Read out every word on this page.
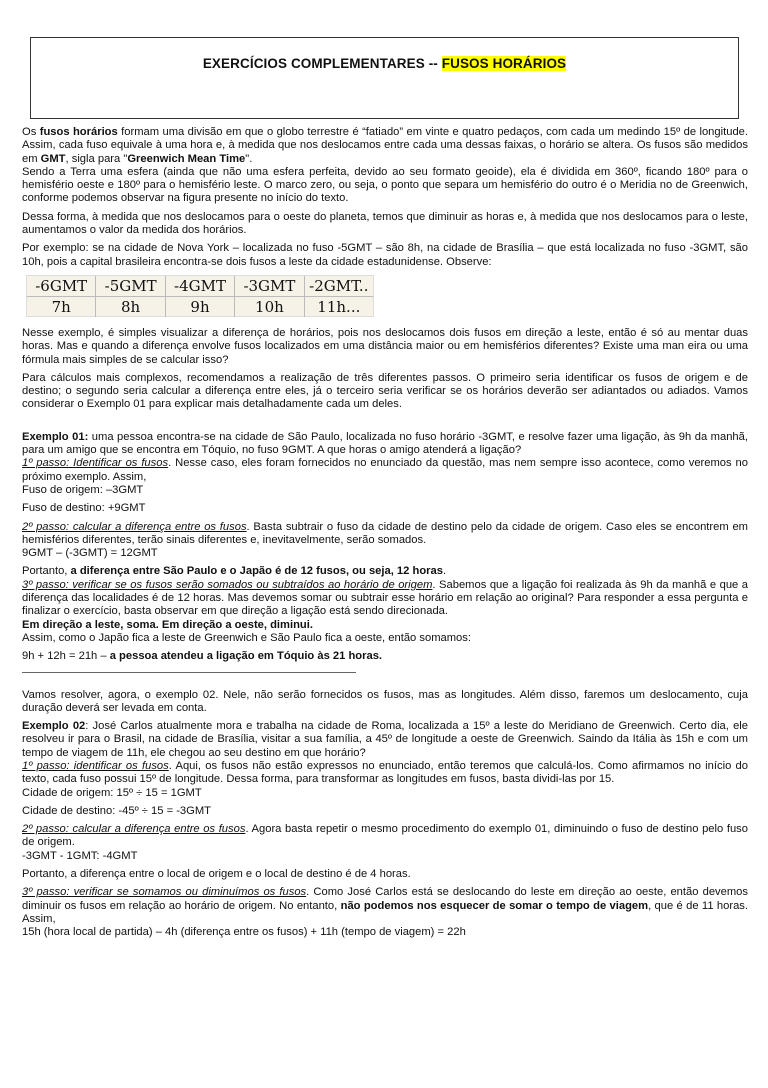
EXERCÍCIOS COMPLEMENTARES -- FUSOS HORÁRIOS

Os fusos horários formam uma divisão em que o globo terrestre é “fatiado” em vinte e quatro pedaços, com cada um medindo 15º de longitude. Assim, cada fuso equivale à uma hora e, à medida que nos deslocamos entre cada uma dessas faixas, o horário se altera. Os fusos são medidos em GMT, sigla para "Greenwich Mean Time".
Sendo a Terra uma esfera (ainda que não uma esfera perfeita, devido ao seu formato geoide), ela é dividida em 360º, ficando 180º para o hemisfério oeste e 180º para o hemisfério leste. O marco zero, ou seja, o ponto que separa um hemisfério do outro é o Meridia no de Greenwich, conforme podemos observar na figura presente no início do texto.

Dessa forma, à medida que nos deslocamos para o oeste do planeta, temos que diminuir as horas e, à medida que nos deslocamos para o leste, aumentamos o valor da medida dos horários.

Por exemplo: se na cidade de Nova York – localizada no fuso -5GMT – são 8h, na cidade de Brasília – que está localizada no fuso -3GMT, são 10h, pois a capital brasileira encontra-se dois fusos a leste da cidade estadunidense. Observe:

-6GMT	-5GMT	-4GMT	-3GMT -2GMT..
7h	8h	9h	10h	11h...

Nesse exemplo, é simples visualizar a diferença de horários, pois nos deslocamos dois fusos em direção a leste, então é só au mentar duas horas. Mas e quando a diferença envolve fusos localizados em uma distância maior ou em hemisférios diferentes? Existe uma man eira ou uma fórmula mais simples de se calcular isso?

Para cálculos mais complexos, recomendamos a realização de três diferentes passos. O primeiro seria identificar os fusos de origem e de destino; o segundo seria calcular a diferença entre eles, já o terceiro seria verificar se os horários deverão ser adiantados ou adiados. Vamos considerar o Exemplo 01 para explicar mais detalhadamente cada um deles.

Exemplo 01: uma pessoa encontra-se na cidade de São Paulo, localizada no fuso horário -3GMT, e resolve fazer uma ligação, às 9h da manhã, para um amigo que se encontra em Tóquio, no fuso 9GMT. A que horas o amigo atenderá a ligação?
1º passo: Identificar os fusos. Nesse caso, eles foram fornecidos no enunciado da questão, mas nem sempre isso acontece, como veremos no próximo exemplo. Assim,
Fuso de origem: –3GMT

Fuso de destino: +9GMT

2º passo: calcular a diferença entre os fusos. Basta subtrair o fuso da cidade de destino pelo da cidade de origem. Caso eles se encontrem em hemisférios diferentes, terão sinais diferentes e, inevitavelmente, serão somados.
9GMT – (-3GMT) = 12GMT

Portanto, a diferença entre São Paulo e o Japão é de 12 fusos, ou seja, 12 horas.
3º passo: verificar se os fusos serão somados ou subtraídos ao horário de origem. Sabemos que a ligação foi realizada às 9h da manhã e que a diferença das localidades é de 12 horas. Mas devemos somar ou subtrair esse horário em relação ao original? Para responder a essa pergunta e finalizar o exercício, basta observar em que direção a ligação está sendo direcionada.
Em direção a leste, soma. Em direção a oeste, diminui.
Assim, como o Japão fica a leste de Greenwich e São Paulo fica a oeste, então somamos:

9h + 12h = 21h – a pessoa atendeu a ligação em Tóquio às 21 horas.

Vamos resolver, agora, o exemplo 02. Nele, não serão fornecidos os fusos, mas as longitudes. Além disso, faremos um deslocamento, cuja duração deverá ser levada em conta.

Exemplo 02: José Carlos atualmente mora e trabalha na cidade de Roma, localizada a 15º a leste do Meridiano de Greenwich. Certo dia, ele resolveu ir para o Brasil, na cidade de Brasília, visitar a sua família, a 45º de longitude a oeste de Greenwich. Saindo da Itália às 15h e com um tempo de viagem de 11h, ele chegou ao seu destino em que horário?
1º passo: identificar os fusos. Aqui, os fusos não estão expressos no enunciado, então teremos que calculá-los. Como afirmamos no início do texto, cada fuso possui 15º de longitude. Dessa forma, para transformar as longitudes em fusos, basta dividi-las por 15.
Cidade de origem: 15º ÷ 15 = 1GMT

Cidade de destino: -45º ÷ 15 = -3GMT

2º passo: calcular a diferença entre os fusos. Agora basta repetir o mesmo procedimento do exemplo 01, diminuindo o fuso de destino pelo fuso de origem.
-3GMT - 1GMT: -4GMT

Portanto, a diferença entre o local de origem e o local de destino é de 4 horas.

3º passo: verificar se somamos ou diminuímos os fusos. Como José Carlos está se deslocando do leste em direção ao oeste, então devemos diminuir os fusos em relação ao horário de origem. No entanto, não podemos nos esquecer de somar o tempo de viagem, que é de 11 horas. Assim,
15h (hora local de partida) – 4h (diferença entre os fusos) + 11h (tempo de viagem) = 22h
